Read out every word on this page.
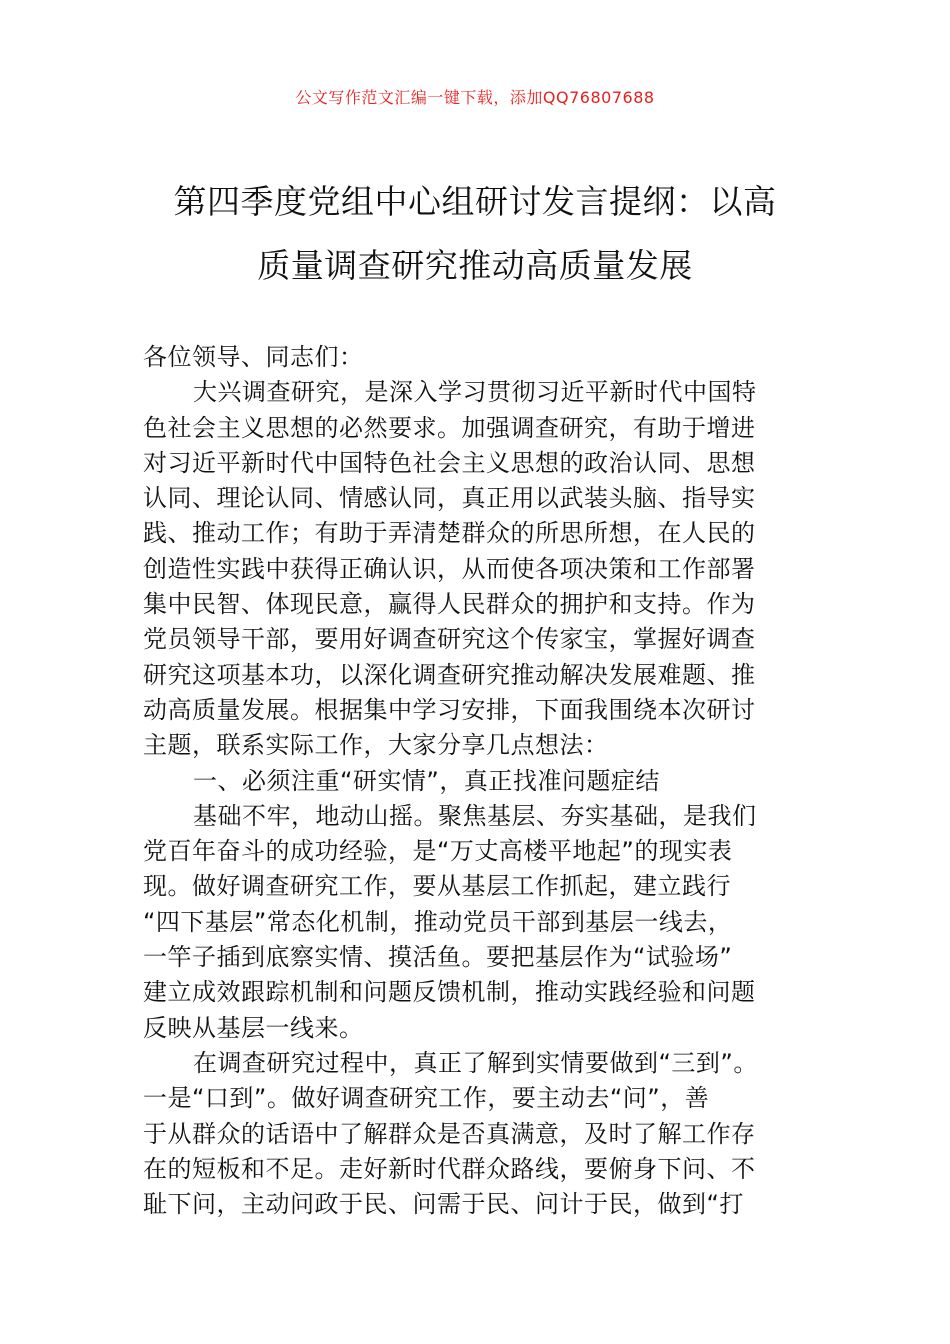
公文写作范文汇编一键下载，添加QQ76807688
第四季度党组中心组研讨发言提纲：以高
质量调查研究推动高质量发展
各位领导、同志们：
大兴调查研究，是深入学习贯彻习近平新时代中国特
色社会主义思想的必然要求。加强调查研究，有助于增进
对习近平新时代中国特色社会主义思想的政治认同、思想
认同、理论认同、情感认同，真正用以武装头脑、指导实
践、推动工作；有助于弄清楚群众的所思所想，在人民的
创造性实践中获得正确认识，从而使各项决策和工作部署
集中民智、体现民意，赢得人民群众的拥护和支持。作为
党员领导干部，要用好调查研究这个传家宝，掌握好调查
研究这项基本功，以深化调查研究推动解决发展难题、推
动高质量发展。根据集中学习安排，下面我围绕本次研讨
主题，联系实际工作，大家分享几点想法：
一、必须注重“研实情”，真正找准问题症结
基础不牢，地动山摇。聚焦基层、夯实基础，是我们
党百年奋斗的成功经验，是“万丈高楼平地起”的现实表
现。做好调查研究工作，要从基层工作抓起，建立践行
“四下基层”常态化机制，推动党员干部到基层一线去，
一竿子插到底察实情、摸活鱼。要把基层作为“试验场”
建立成效跟踪机制和问题反馈机制，推动实践经验和问题
反映从基层一线来。
在调查研究过程中，真正了解到实情要做到“三到”。
一是“口到”。做好调查研究工作，要主动去“问”，善
于从群众的话语中了解群众是否真满意，及时了解工作存
在的短板和不足。走好新时代群众路线，要俯身下问、不
耻下问，主动问政于民、问需于民、问计于民，做到“打
